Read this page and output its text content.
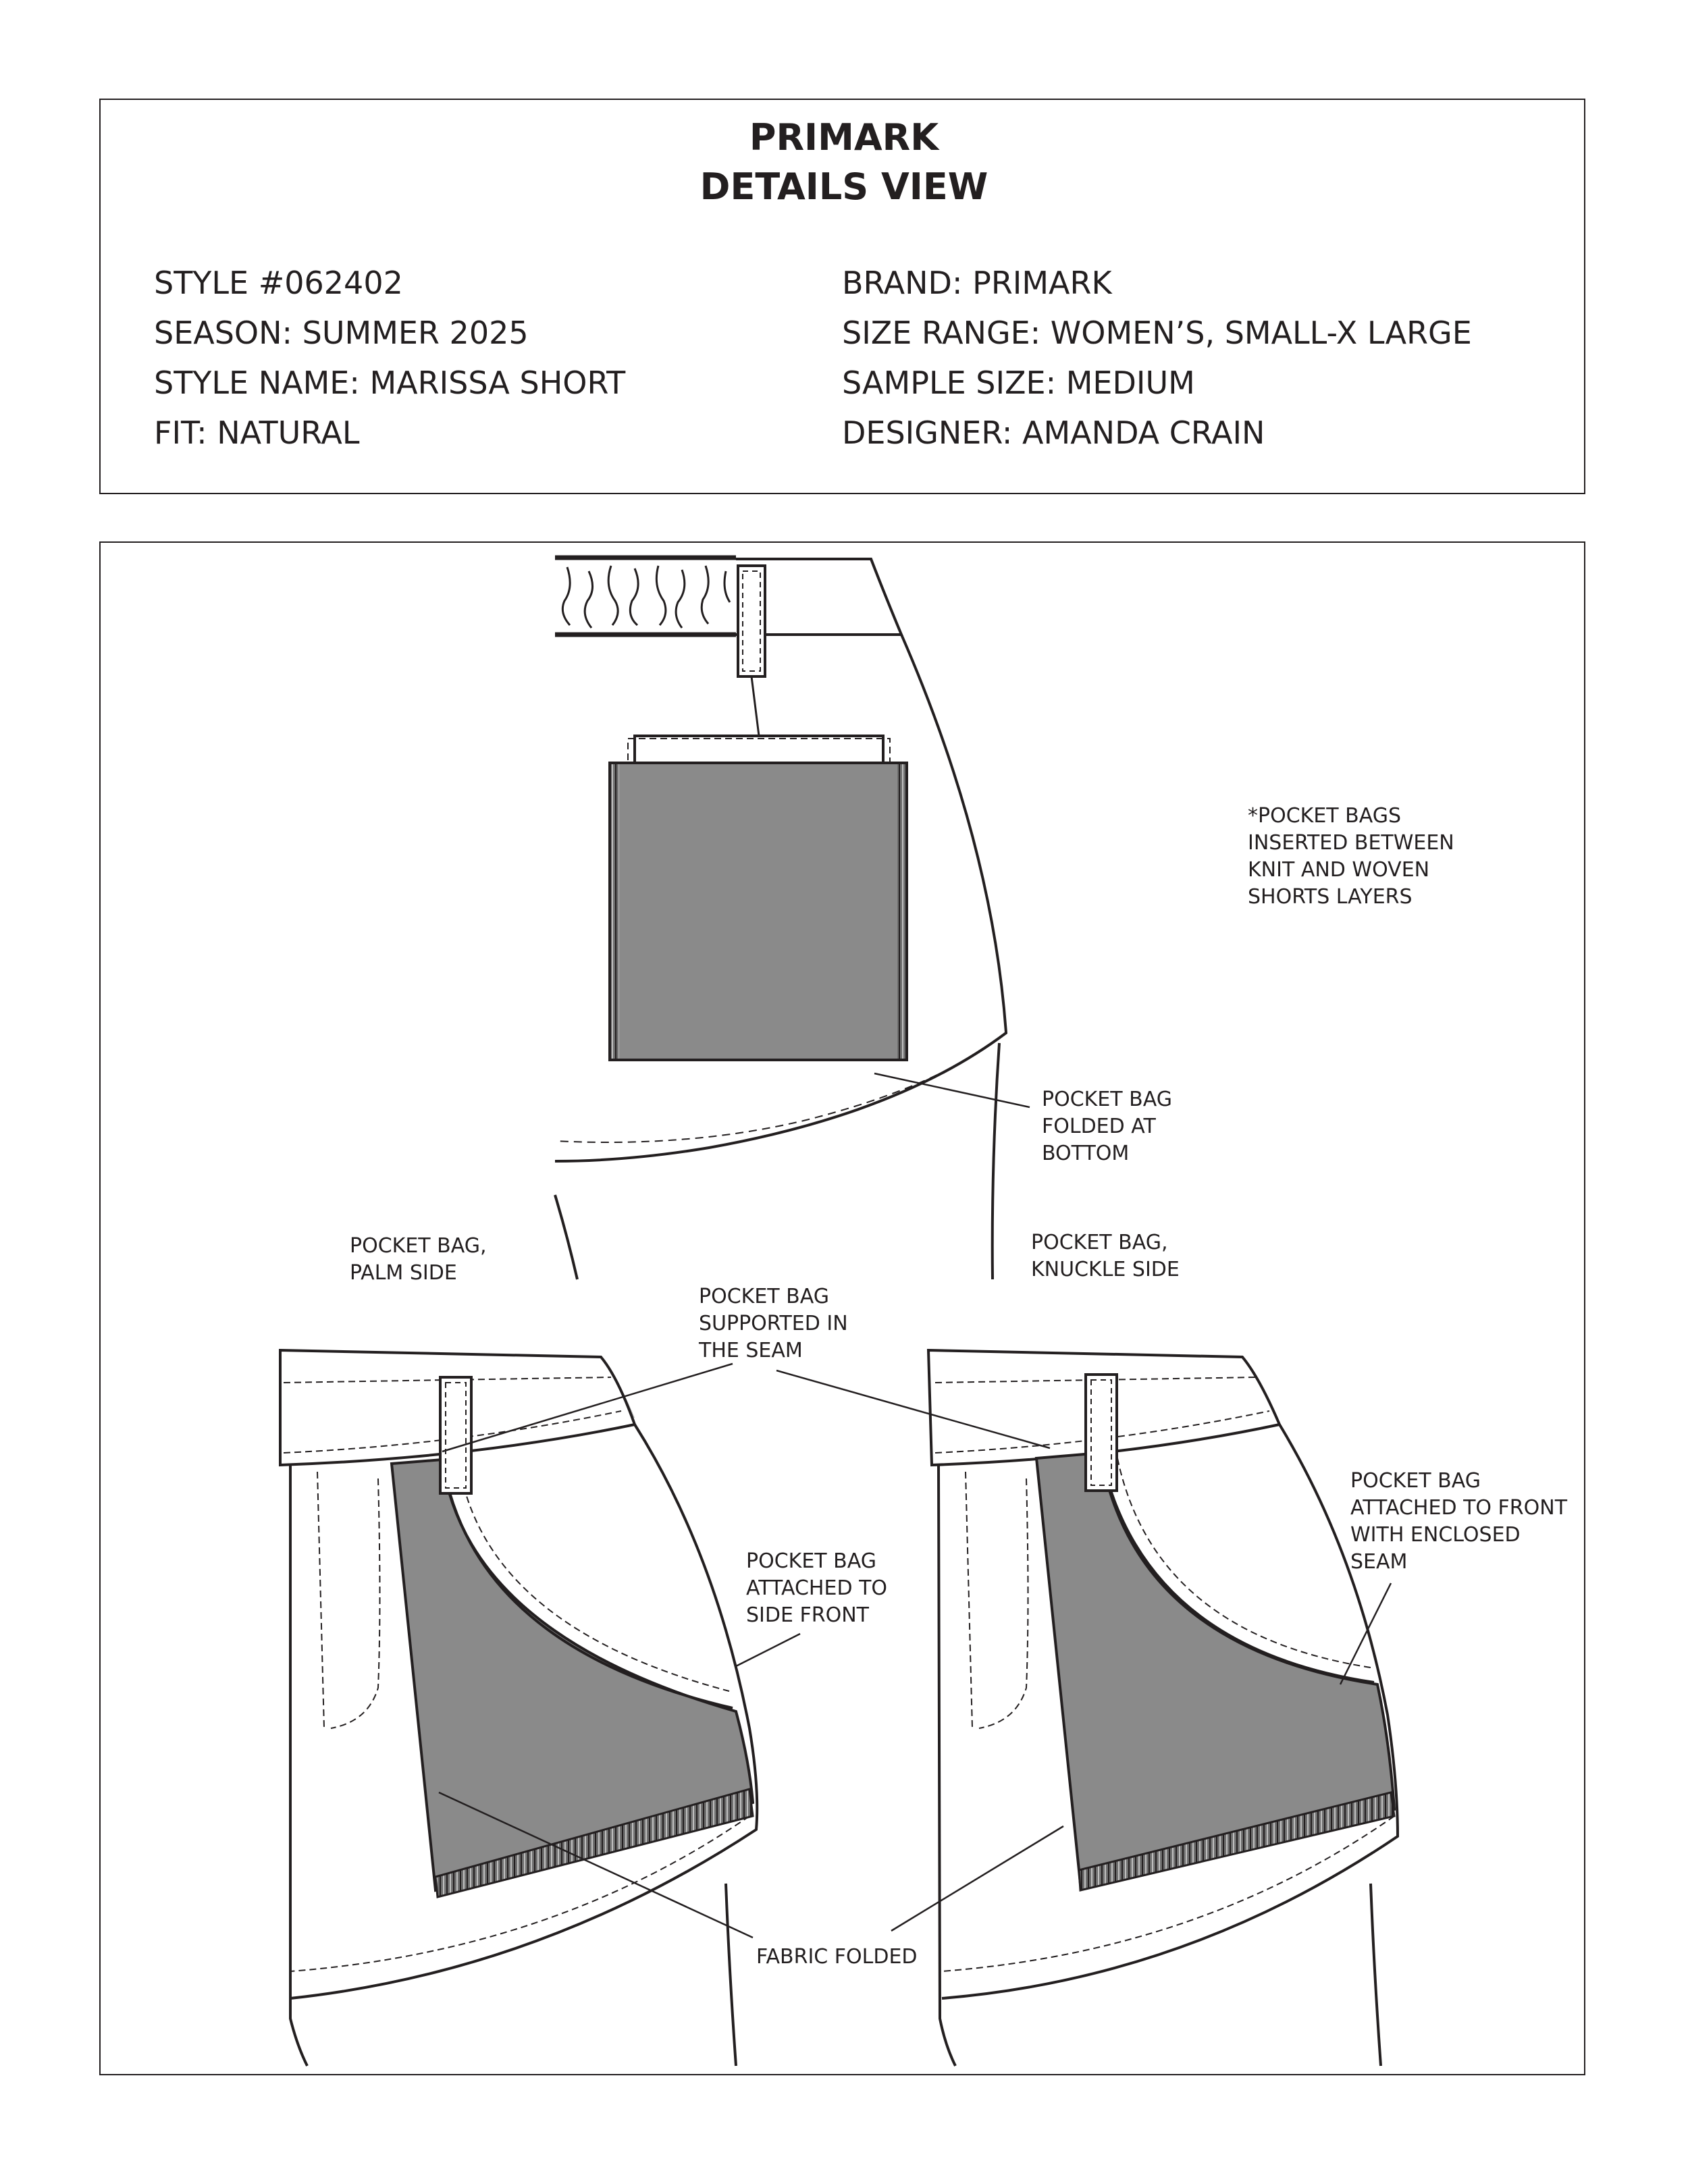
PRIMARK
DETAILS VIEW
STYLE #062402
SEASON: SUMMER 2025
STYLE NAME: MARISSA SHORT
FIT: NATURAL
BRAND: PRIMARK
SIZE RANGE: WOMEN’S, SMALL-X LARGE
SAMPLE SIZE: MEDIUM
DESIGNER: AMANDA CRAIN
*POCKET BAGS
INSERTED BETWEEN
KNIT AND WOVEN
SHORTS LAYERS
POCKET BAG
FOLDED AT
BOTTOM
POCKET BAG,
PALM SIDE
POCKET BAG,
KNUCKLE SIDE
POCKET BAG
SUPPORTED IN
THE SEAM
POCKET BAG
ATTACHED TO
SIDE FRONT
POCKET BAG
ATTACHED TO FRONT
WITH ENCLOSED
SEAM
FABRIC FOLDED
